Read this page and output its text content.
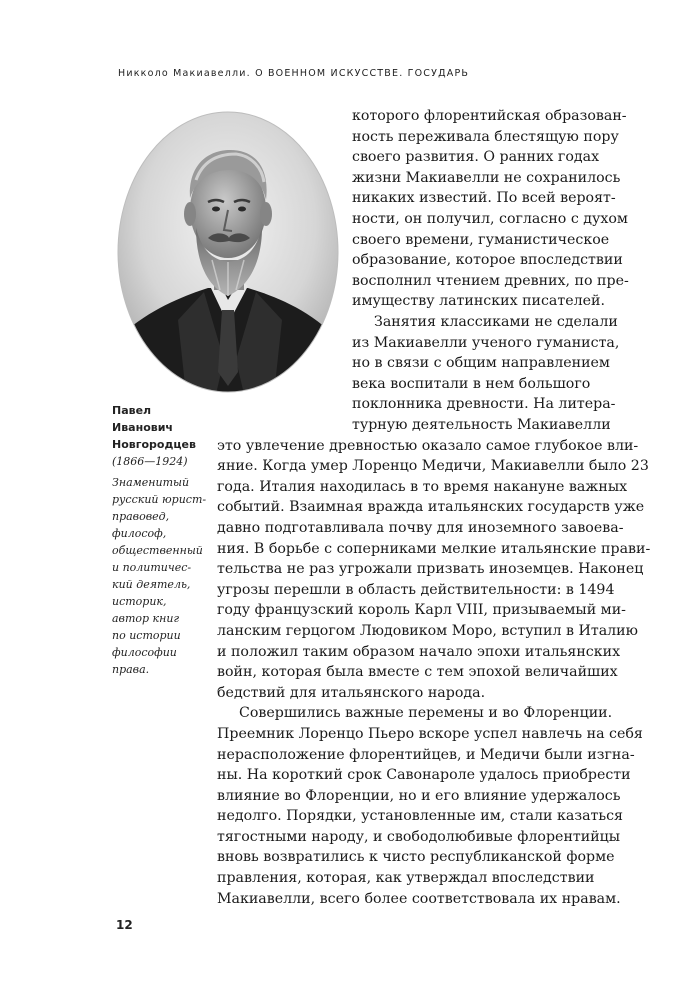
Никколо Макиавелли. О ВОЕННОМ ИСКУССТВЕ. ГОСУДАРЬ
Павел
Иванович
Новгородцев
(1866—1924)
Знаменитый
русский юрист-
правовед,
философ,
общественный
и политичес-
кий деятель,
историк,
автор книг
по истории
философии
права.
которого флорентийская образован-
ность переживала блестящую пору
своего развития. О ранних годах
жизни Макиавелли не сохранилось
никаких известий. По всей вероят-
ности, он получил, согласно с духом
своего времени, гуманистическое
образование, которое впоследствии
восполнил чтением древних, по пре-
имуществу латинских писателей.
Занятия классиками не сделали
из Макиавелли ученого гуманиста,
но в связи с общим направлением
века воспитали в нем большого
поклонника древности. На литера-
турную деятельность Макиавелли
это увлечение древностью оказало самое глубокое вли-
яние. Когда умер Лоренцо Медичи, Макиавелли было 23
года. Италия находилась в то время накануне важных
событий. Взаимная вражда итальянских государств уже
давно подготавливала почву для иноземного завоева-
ния. В борьбе с соперниками мелкие итальянские прави-
тельства не раз угрожали призвать иноземцев. Наконец
угрозы перешли в область действительности: в 1494
году французский король Карл VIII, призываемый ми-
ланским герцогом Людовиком Моро, вступил в Италию
и положил таким образом начало эпохи итальянских
войн, которая была вместе с тем эпохой величайших
бедствий для итальянского народа.
Совершились важные перемены и во Флоренции.
Преемник Лоренцо Пьеро вскоре успел навлечь на себя
нерасположение флорентийцев, и Медичи были изгна-
ны. На короткий срок Савонароле удалось приобрести
влияние во Флоренции, но и его влияние удержалось
недолго. Порядки, установленные им, стали казаться
тягостными народу, и свободолюбивые флорентийцы
вновь возвратились к чисто республиканской форме
правления, которая, как утверждал впоследствии
Макиавелли, всего более соответствовала их нравам.
12
